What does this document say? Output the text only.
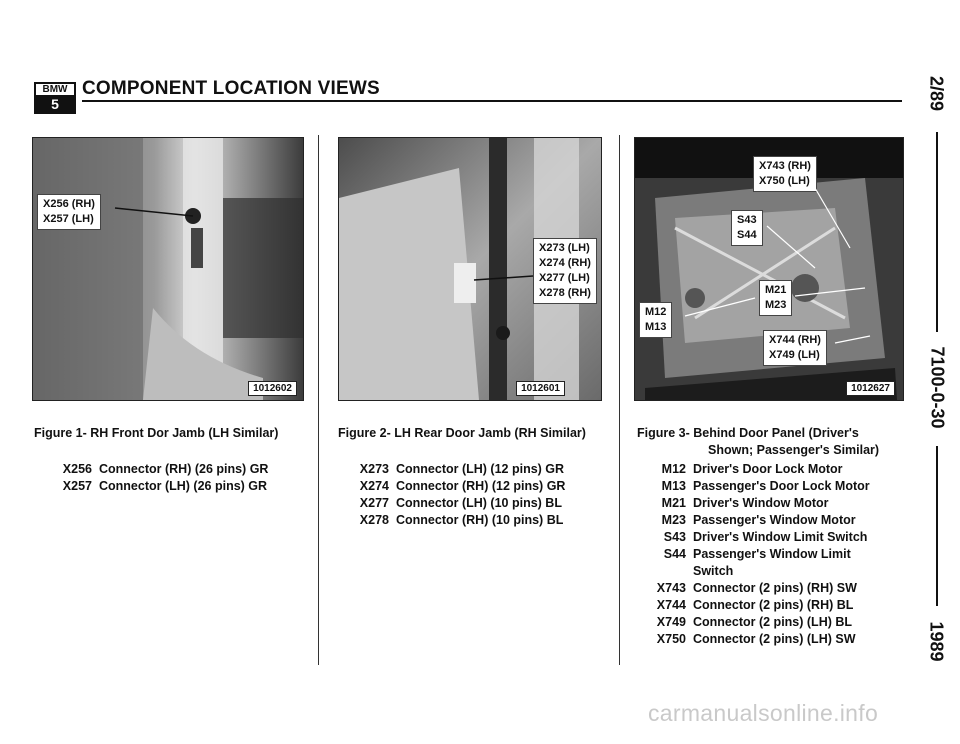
BMW
5
COMPONENT LOCATION VIEWS
X256 (RH)
X257 (LH)
1012602
X273 (LH)
X274 (RH)
X277 (LH)
X278 (RH)
1012601
X743 (RH)
X750 (LH)
S43
S44
M21
M23
M12
M13
X744 (RH)
X749 (LH)
1012627
Figure 1- RH Front Dor Jamb (LH Similar)
X256 Connector (RH) (26 pins) GR
X257 Connector (LH) (26 pins) GR
Figure 2- LH Rear Door Jamb (RH Similar)
X273 Connector (LH) (12 pins) GR
X274 Connector (RH) (12 pins) GR
X277 Connector (LH) (10 pins) BL
X278 Connector (RH) (10 pins) BL
Figure 3- Behind Door Panel (Driver's
Shown; Passenger's Similar)
M12 Driver's Door Lock Motor
M13 Passenger's Door Lock Motor
M21 Driver's Window Motor
M23 Passenger's Window Motor
S43 Driver's Window Limit Switch
S44 Passenger's Window Limit
Switch
X743 Connector (2 pins) (RH) SW
X744 Connector (2 pins) (RH) BL
X749 Connector (2 pins) (LH) BL
X750 Connector (2 pins) (LH) SW
2/89
7100-0-30
1989
carmanualsonline.info
